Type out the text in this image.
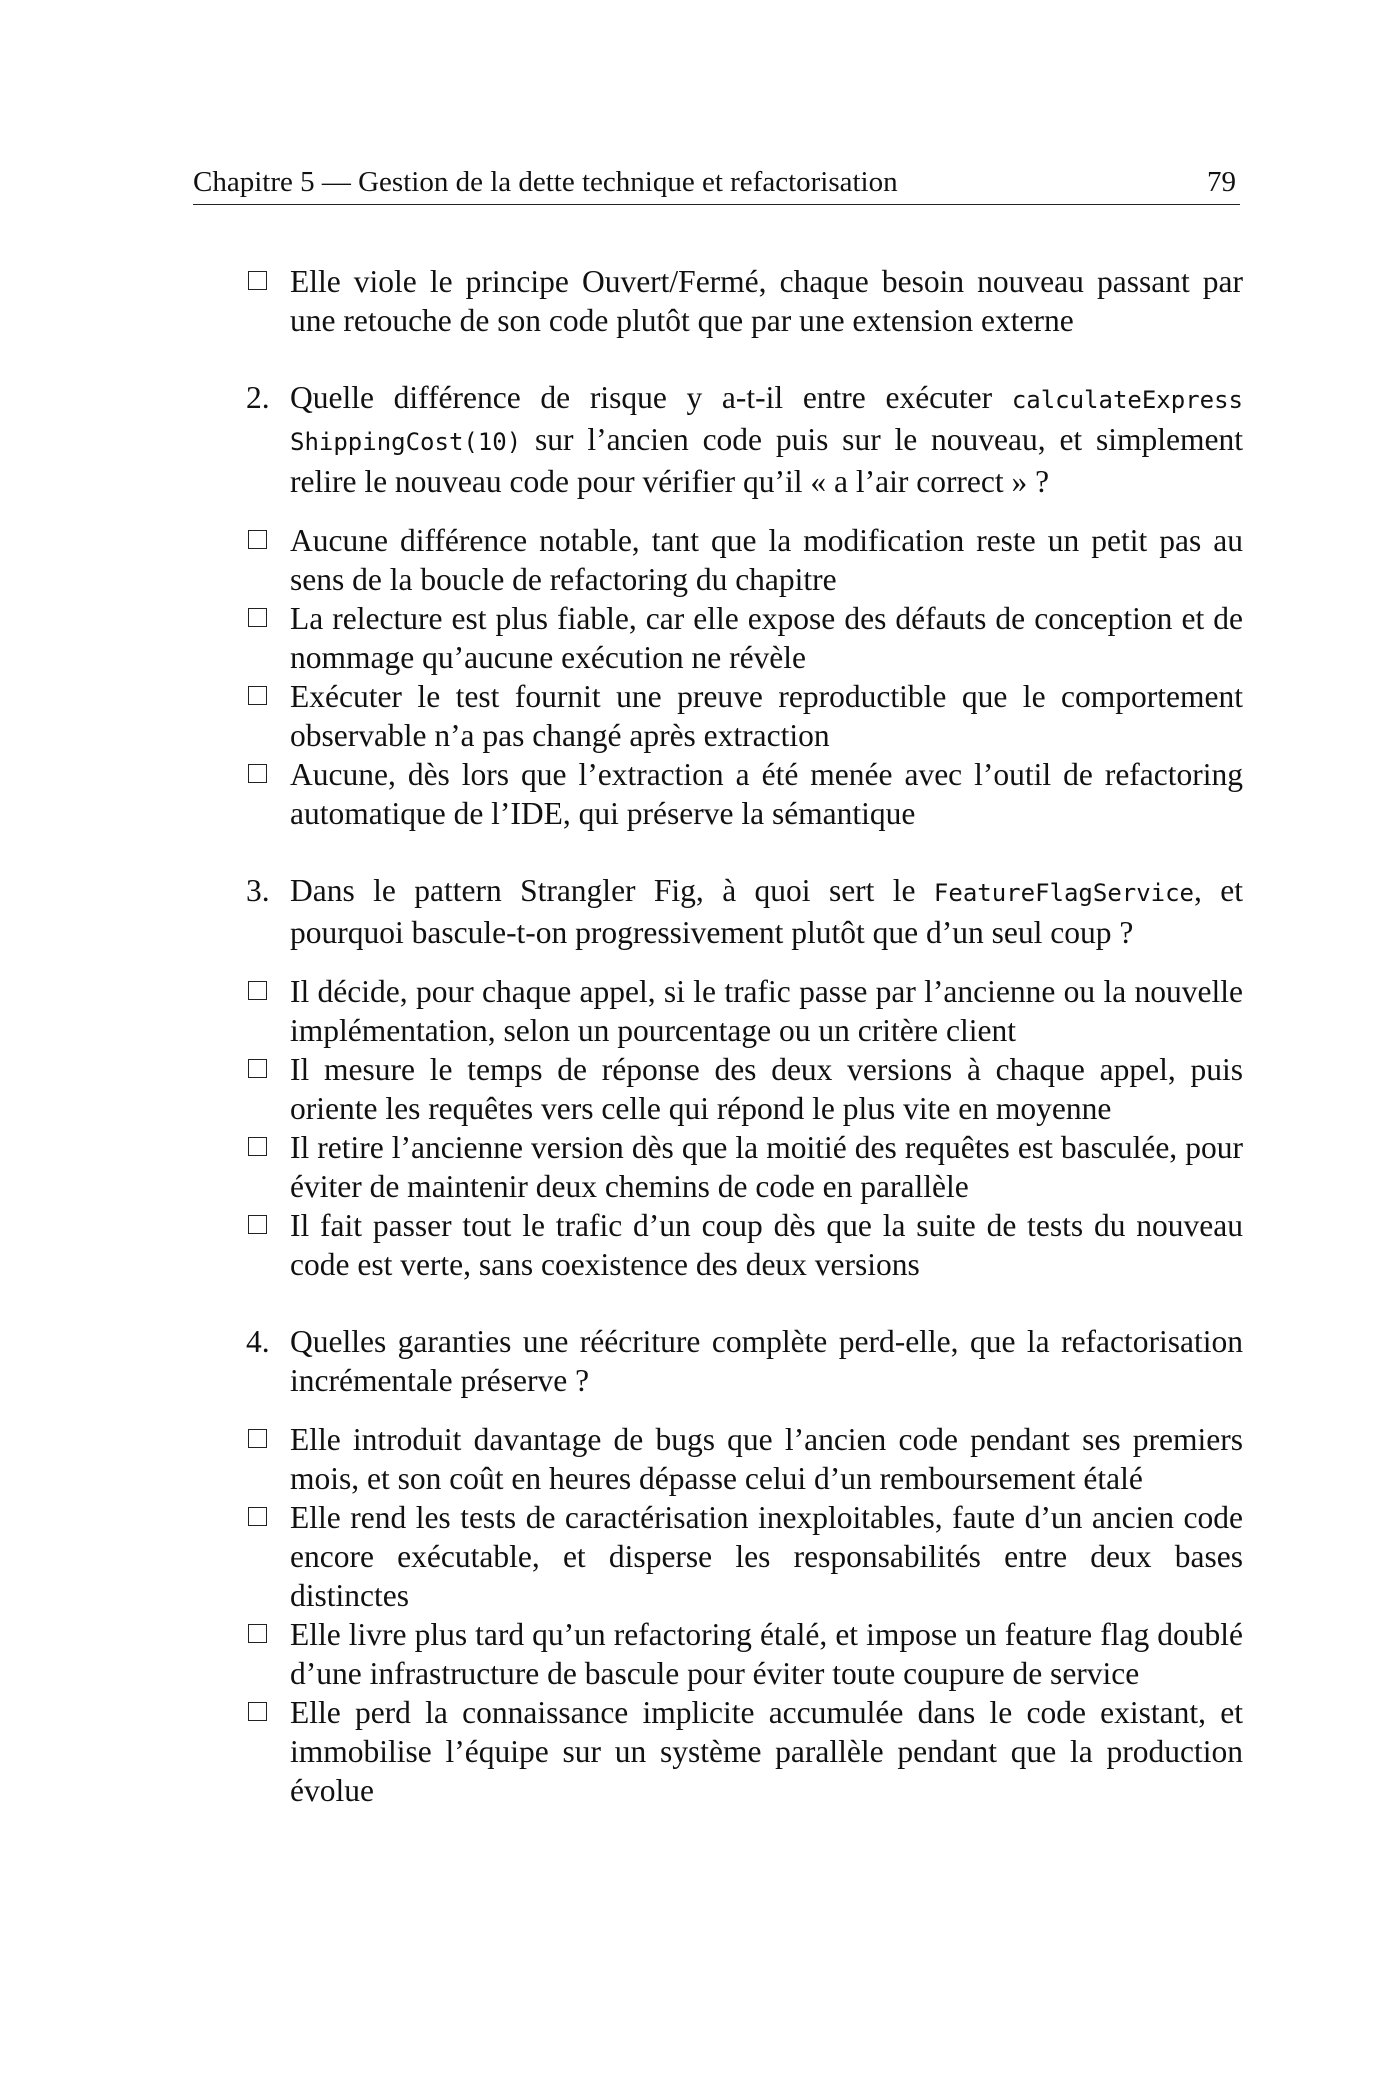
Chapitre 5 — Gestion de la dette technique et refactorisation	79
Elle viole le principe Ouvert/Fermé, chaque besoin nouveau passant par une retouche de son code plutôt que par une extension externe
2. Quelle différence de risque y a-t-il entre exécuter calculateExpress ShippingCost(10) sur l’ancien code puis sur le nouveau, et simplement relire le nouveau code pour vérifier qu’il « a l’air correct » ?
Aucune différence notable, tant que la modification reste un petit pas au sens de la boucle de refactoring du chapitre
La relecture est plus fiable, car elle expose des défauts de conception et de nommage qu’aucune exécution ne révèle
Exécuter le test fournit une preuve reproductible que le comportement observable n’a pas changé après extraction
Aucune, dès lors que l’extraction a été menée avec l’outil de refactoring automatique de l’IDE, qui préserve la sémantique
3. Dans le pattern Strangler Fig, à quoi sert le FeatureFlagService, et pourquoi bascule-t-on progressivement plutôt que d’un seul coup ?
Il décide, pour chaque appel, si le trafic passe par l’ancienne ou la nouvelle implémentation, selon un pourcentage ou un critère client
Il mesure le temps de réponse des deux versions à chaque appel, puis oriente les requêtes vers celle qui répond le plus vite en moyenne
Il retire l’ancienne version dès que la moitié des requêtes est basculée, pour éviter de maintenir deux chemins de code en parallèle
Il fait passer tout le trafic d’un coup dès que la suite de tests du nouveau code est verte, sans coexistence des deux versions
4. Quelles garanties une réécriture complète perd-elle, que la refactorisation incrémentale préserve ?
Elle introduit davantage de bugs que l’ancien code pendant ses premiers mois, et son coût en heures dépasse celui d’un remboursement étalé
Elle rend les tests de caractérisation inexploitables, faute d’un ancien code encore exécutable, et disperse les responsabilités entre deux bases distinctes
Elle livre plus tard qu’un refactoring étalé, et impose un feature flag doublé d’une infrastructure de bascule pour éviter toute coupure de service
Elle perd la connaissance implicite accumulée dans le code existant, et immobilise l’équipe sur un système parallèle pendant que la production évolue
